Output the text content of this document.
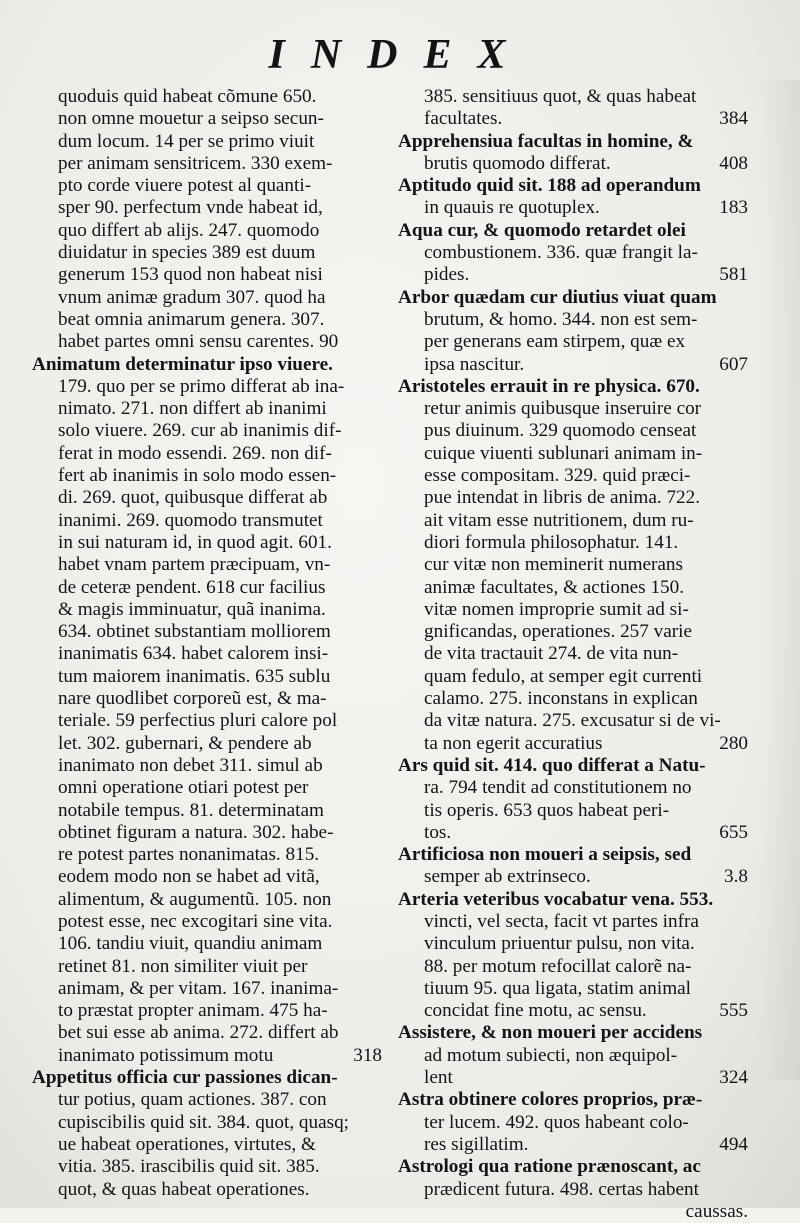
INDEX
quoduis quid habeat cõmune 650.
non omne mouetur a seipso secun-
dum locum. 14 per se primo viuit
per animam sensitricem. 330 exem-
pto corde viuere potest al quanti-
sper 90. perfectum vnde habeat id,
quo differt ab alijs. 247. quomodo
diuidatur in species 389 est duum
generum 153 quod non habeat nisi
vnum animæ gradum 307. quod ha
beat omnia animarum genera. 307.
habet partes omni sensu carentes. 90
Animatum determinatur ipso viuere.
179. quo per se primo differat ab ina-
nimato. 271. non differt ab inanimi
solo viuere. 269. cur ab inanimis dif-
ferat in modo essendi. 269. non dif-
fert ab inanimis in solo modo essen-
di. 269. quot, quibusque differat ab
inanimi. 269. quomodo transmutet
in sui naturam id, in quod agit. 601.
habet vnam partem præcipuam, vn-
de ceteræ pendent. 618 cur facilius
& magis imminuatur, quã inanima.
634. obtinet substantiam molliorem
inanimatis 634. habet calorem insi-
tum maiorem inanimatis. 635 sublu
nare quodlibet corporeũ est, & ma-
teriale. 59 perfectius pluri calore pol
let. 302. gubernari, & pendere ab
inanimato non debet 311. simul ab
omni operatione otiari potest per
notabile tempus. 81. determinatam
obtinet figuram a natura. 302. habe-
re potest partes nonanimatas. 815.
eodem modo non se habet ad vitã,
alimentum, & augumentũ. 105. non
potest esse, nec excogitari sine vita.
106. tandiu viuit, quandiu animam
retinet 81. non similiter viuit per
animam, & per vitam. 167. inanima-
to præstat propter animam. 475 ha-
bet sui esse ab anima. 272. differt ab
inanimato potissimum motu	318
Appetitus officia cur passiones dican-
tur potius, quam actiones. 387. con
cupiscibilis quid sit. 384. quot, quasq;
ue habeat operationes, virtutes, &
vitia. 385. irascibilis quid sit. 385.
quot, & quas habeat operationes.
385. sensitiuus quot, & quas habeat
facultates.	384
Apprehensiua facultas in homine, &
brutis quomodo differat.	408
Aptitudo quid sit. 188 ad operandum
in quauis re quotuplex.	183
Aqua cur, & quomodo retardet olei
combustionem. 336. quæ frangit la-
pides.	581
Arbor quædam cur diutius viuat quam
brutum, & homo. 344. non est sem-
per generans eam stirpem, quæ ex
ipsa nascitur.	607
Aristoteles errauit in re physica. 670.
retur animis quibusque inseruire cor
pus diuinum. 329 quomodo censeat
cuique viuenti sublunari animam in-
esse compositam. 329. quid præci-
pue intendat in libris de anima. 722.
ait vitam esse nutritionem, dum ru-
diori formula philosophatur. 141.
cur vitæ non meminerit numerans
animæ facultates, & actiones 150.
vitæ nomen improprie sumit ad si-
gnificandas, operationes. 257 varie
de vita tractauit 274. de vita nun-
quam fedulo, at semper egit currenti
calamo. 275. inconstans in explican
da vitæ natura. 275. excusatur si de vi-
ta non egerit accuratius	280
Ars quid sit. 414. quo differat a Natu-
ra. 794 tendit ad constitutionem no
tis operis. 653 quos habeat peri-
tos.	655
Artificiosa non moueri a seipsis, sed
semper ab extrinseco.	3.8
Arteria veteribus vocabatur vena. 553.
vincti, vel secta, facit vt partes infra
vinculum priuentur pulsu, non vita.
88. per motum refocillat calorẽ na-
tiuum 95. qua ligata, statim animal
concidat fine motu, ac sensu.	555
Assistere, & non moueri per accidens
ad motum subiecti, non æquipol-
lent	324
Astra obtinere colores proprios, præ-
ter lucem. 492. quos habeant colo-
res sigillatim.	494
Astrologi qua ratione prænoscant, ac
prædicent futura. 498. certas habent
caussas.
